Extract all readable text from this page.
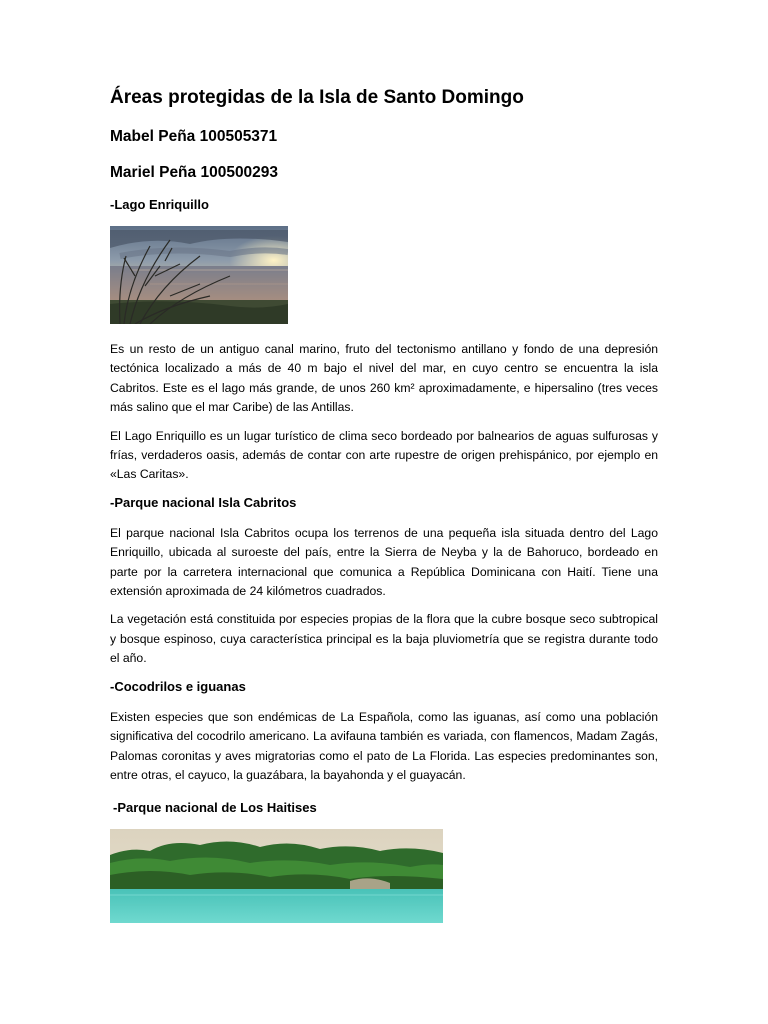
Áreas protegidas de la Isla de Santo Domingo
Mabel Peña 100505371
Mariel Peña 100500293
-Lago Enriquillo

Es un resto de un antiguo canal marino, fruto del tectonismo antillano y fondo de una depresión tectónica localizado a más de 40 m bajo el nivel del mar, en cuyo centro se encuentra la isla Cabritos. Este es el lago más grande, de unos 260 km² aproximadamente, e hipersalino (tres veces más salino que el mar Caribe) de las Antillas.

El Lago Enriquillo es un lugar turístico de clima seco bordeado por balnearios de aguas sulfurosas y frías, verdaderos oasis, además de contar con arte rupestre de origen prehispánico, por ejemplo en «Las Caritas».

-Parque nacional Isla Cabritos

El parque nacional Isla Cabritos ocupa los terrenos de una pequeña isla situada dentro del Lago Enriquillo, ubicada al suroeste del país, entre la Sierra de Neyba y la de Bahoruco, bordeado en parte por la carretera internacional que comunica a República Dominicana con Haití. Tiene una extensión aproximada de 24 kilómetros cuadrados.

La vegetación está constituida por especies propias de la flora que la cubre bosque seco subtropical y bosque espinoso, cuya característica principal es la baja pluviometría que se registra durante todo el año.

-Cocodrilos e iguanas

Existen especies que son endémicas de La Española, como las iguanas, así como una población significativa del cocodrilo americano. La avifauna también es variada, con flamencos, Madam Zagás, Palomas coronitas y aves migratorias como el pato de La Florida. Las especies predominantes son, entre otras, el cayuco, la guazábara, la bayahonda y el guayacán.

-Parque nacional de Los Haitises
